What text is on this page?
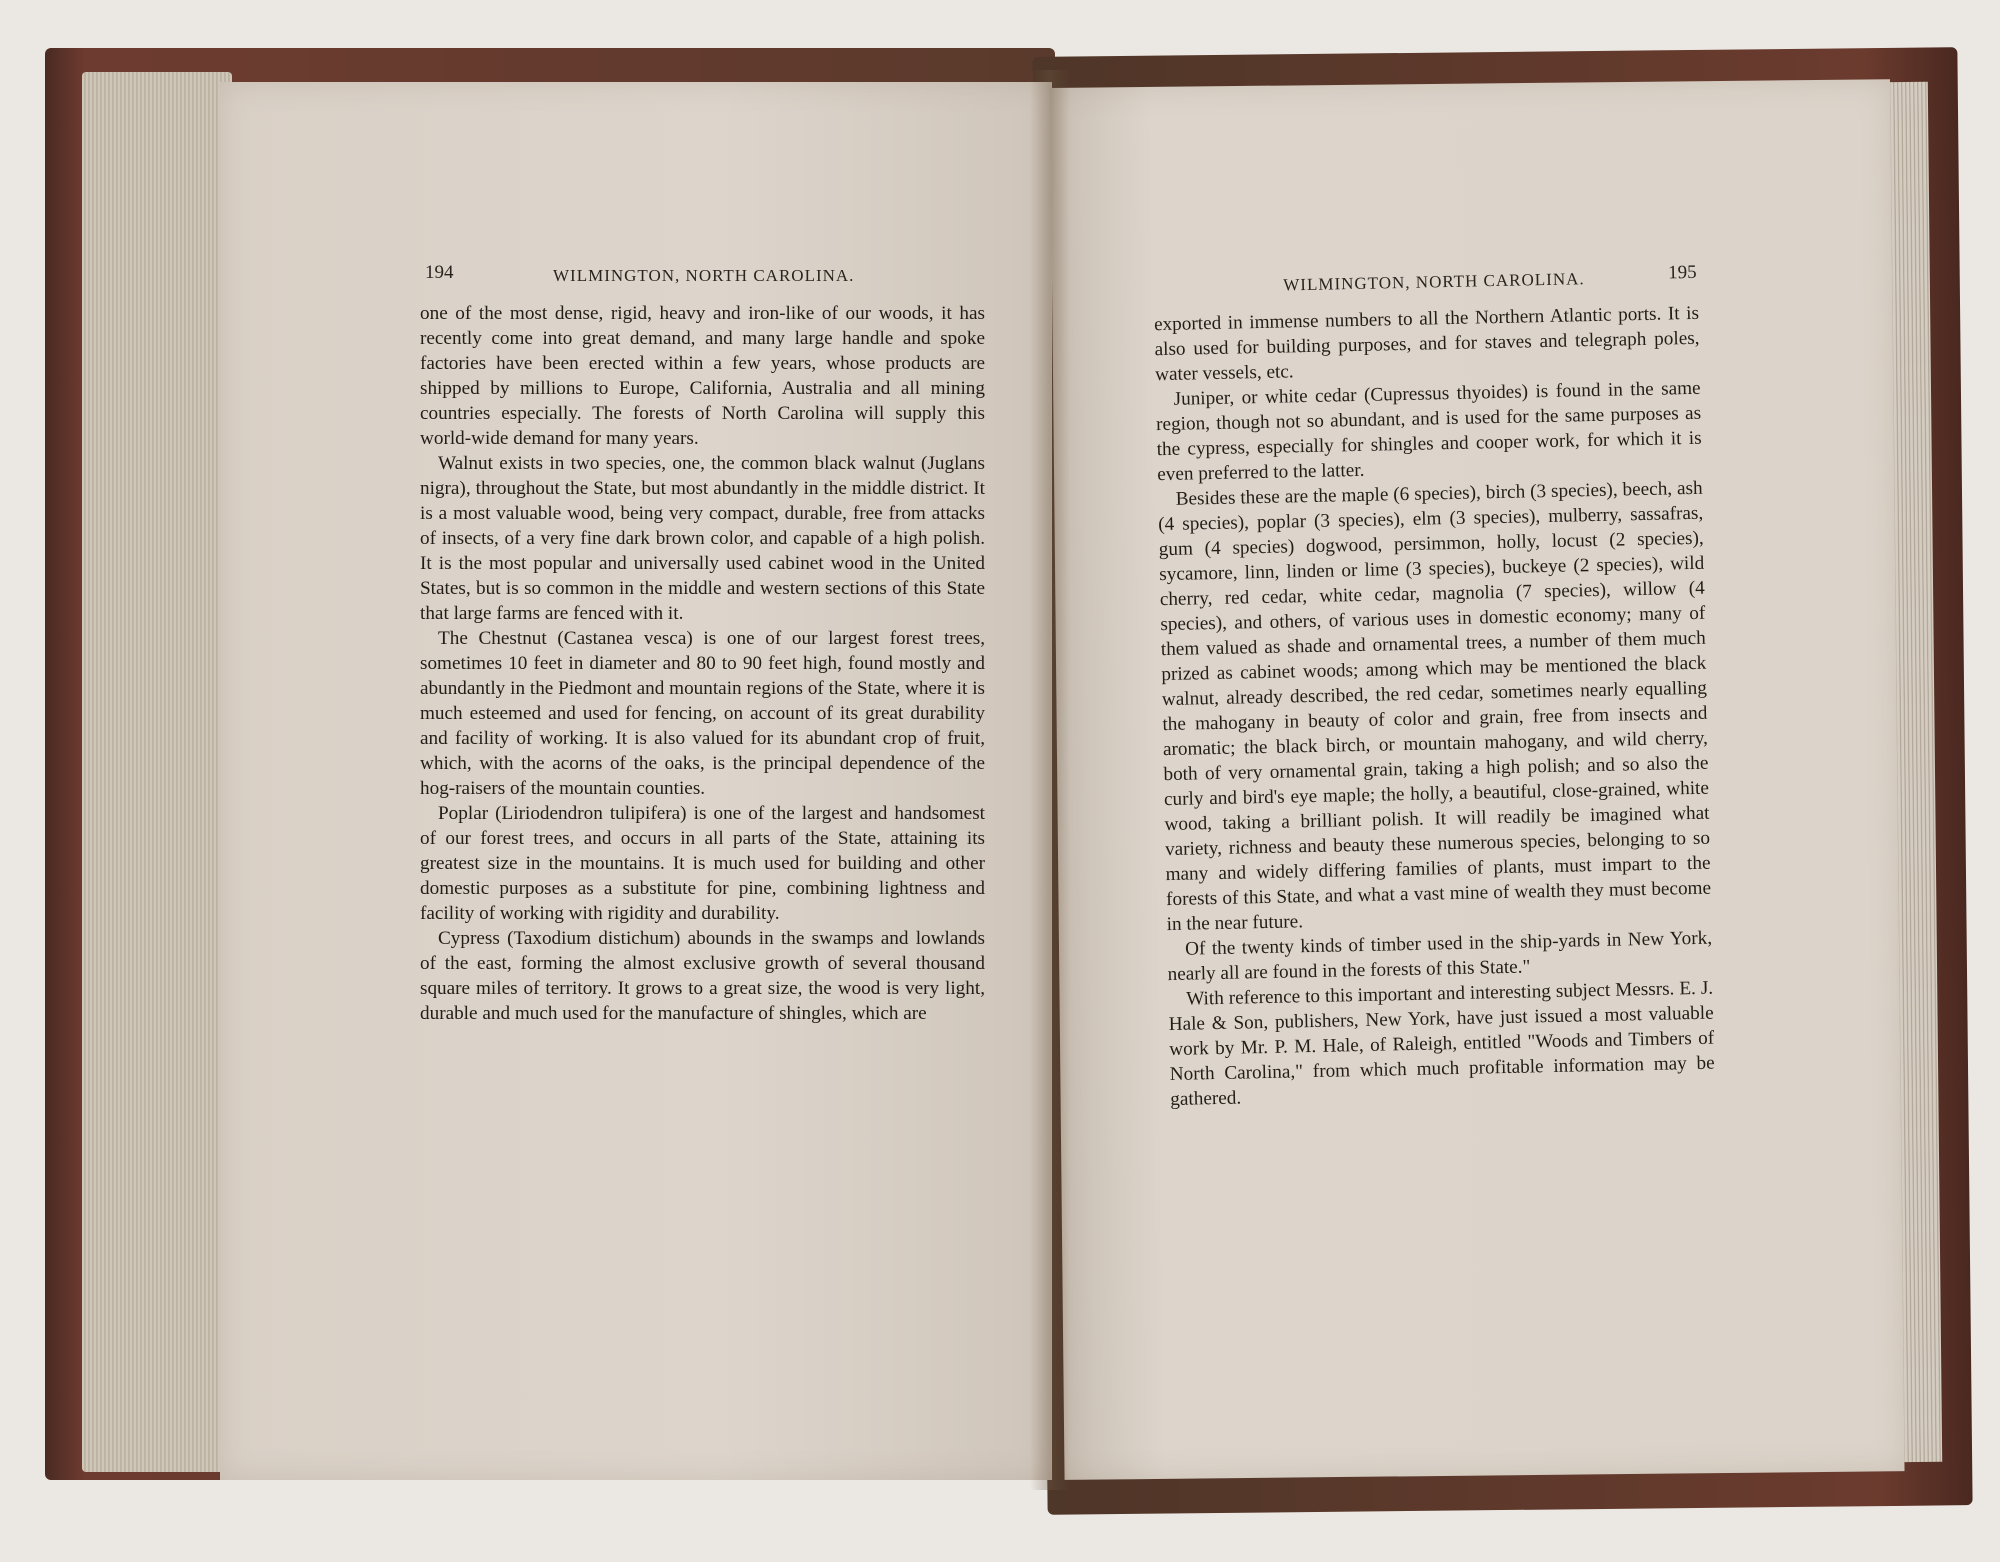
194	WILMINGTON, NORTH CAROLINA.

one of the most dense, rigid, heavy and iron-like of our woods, it has recently come into great demand, and many large handle and spoke factories have been erected within a few years, whose products are shipped by millions to Europe, California, Australia and all mining countries especially. The forests of North Carolina will supply this world-wide demand for many years.

Walnut exists in two species, one, the common black walnut (Juglans nigra), throughout the State, but most abundantly in the middle district. It is a most valuable wood, being very compact, durable, free from attacks of insects, of a very fine dark brown color, and capable of a high polish. It is the most popular and universally used cabinet wood in the United States, but is so common in the middle and western sections of this State that large farms are fenced with it.

The Chestnut (Castanea vesca) is one of our largest forest trees, sometimes 10 feet in diameter and 80 to 90 feet high, found mostly and abundantly in the Piedmont and mountain regions of the State, where it is much esteemed and used for fencing, on account of its great durability and facility of working. It is also valued for its abundant crop of fruit, which, with the acorns of the oaks, is the principal dependence of the hog-raisers of the mountain counties.

Poplar (Liriodendron tulipifera) is one of the largest and handsomest of our forest trees, and occurs in all parts of the State, attaining its greatest size in the mountains. It is much used for building and other domestic purposes as a substitute for pine, combining lightness and facility of working with rigidity and durability.

Cypress (Taxodium distichum) abounds in the swamps and lowlands of the east, forming the almost exclusive growth of several thousand square miles of territory. It grows to a great size, the wood is very light, durable and much used for the manufacture of shingles, which are

WILMINGTON, NORTH CAROLINA.	195

exported in immense numbers to all the Northern Atlantic ports. It is also used for building purposes, and for staves and telegraph poles, water vessels, etc.

Juniper, or white cedar (Cupressus thyoides) is found in the same region, though not so abundant, and is used for the same purposes as the cypress, especially for shingles and cooper work, for which it is even preferred to the latter.

Besides these are the maple (6 species), birch (3 species), beech, ash (4 species), poplar (3 species), elm (3 species), mulberry, sassafras, gum (4 species) dogwood, persimmon, holly, locust (2 species), sycamore, linn, linden or lime (3 species), buckeye (2 species), wild cherry, red cedar, white cedar, magnolia (7 species), willow (4 species), and others, of various uses in domestic economy; many of them valued as shade and ornamental trees, a number of them much prized as cabinet woods; among which may be mentioned the black walnut, already described, the red cedar, sometimes nearly equalling the mahogany in beauty of color and grain, free from insects and aromatic; the black birch, or mountain mahogany, and wild cherry, both of very ornamental grain, taking a high polish; and so also the curly and bird's eye maple; the holly, a beautiful, close-grained, white wood, taking a brilliant polish. It will readily be imagined what variety, richness and beauty these numerous species, belonging to so many and widely differing families of plants, must impart to the forests of this State, and what a vast mine of wealth they must become in the near future.

Of the twenty kinds of timber used in the ship-yards in New York, nearly all are found in the forests of this State."

With reference to this important and interesting subject Messrs. E. J. Hale & Son, publishers, New York, have just issued a most valuable work by Mr. P. M. Hale, of Raleigh, entitled "Woods and Timbers of North Carolina," from which much profitable information may be gathered.
